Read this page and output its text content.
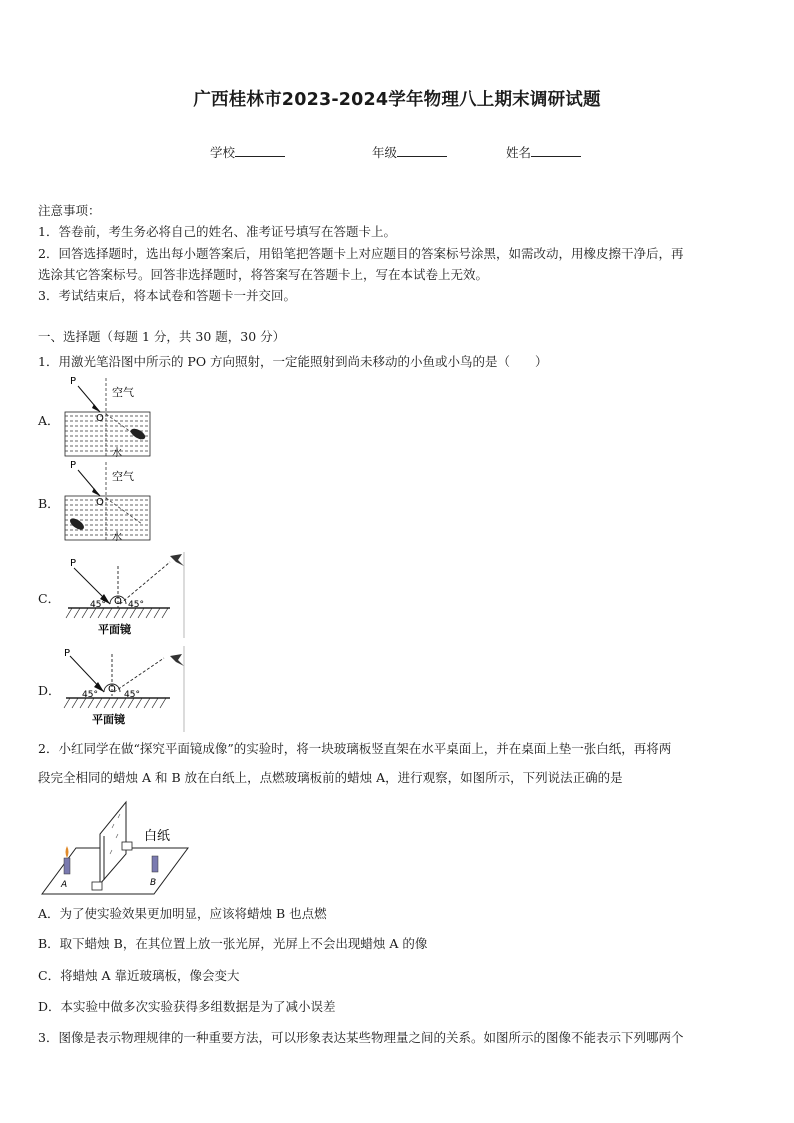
广西桂林市2023-2024学年物理八上期末调研试题
学校	年级	姓名
注意事项：
1．答卷前，考生务必将自己的姓名、准考证号填写在答题卡上。
2．回答选择题时，选出每小题答案后，用铅笔把答题卡上对应题目的答案标号涂黑，如需改动，用橡皮擦干净后，再
选涂其它答案标号。回答非选择题时，将答案写在答题卡上，写在本试卷上无效。
3．考试结束后，将本试卷和答题卡一并交回。
一、选择题（每题 1 分，共 30 题，30 分）
1．用激光笔沿图中所示的 PO 方向照射，一定能照射到尚未移动的小鱼或小鸟的是（　　）
A．
B．
C．
D．
P
O
空气
水
P
O
空气
水
P
O
45° 45°
平面镜
P
O
45°	45°
平面镜
2．小红同学在做“探究平面镜成像”的实验时，将一块玻璃板竖直架在水平桌面上，并在桌面上垫一张白纸，再将两
段完全相同的蜡烛 A 和 B 放在白纸上，点燃玻璃板前的蜡烛 A，进行观察，如图所示，下列说法正确的是
白纸
A	B
A．为了使实验效果更加明显，应该将蜡烛 B 也点燃
B．取下蜡烛 B，在其位置上放一张光屏，光屏上不会出现蜡烛 A 的像
C．将蜡烛 A 靠近玻璃板，像会变大
D．本实验中做多次实验获得多组数据是为了减小误差
3．图像是表示物理规律的一种重要方法，可以形象表达某些物理量之间的关系。如图所示的图像不能表示下列哪两个
